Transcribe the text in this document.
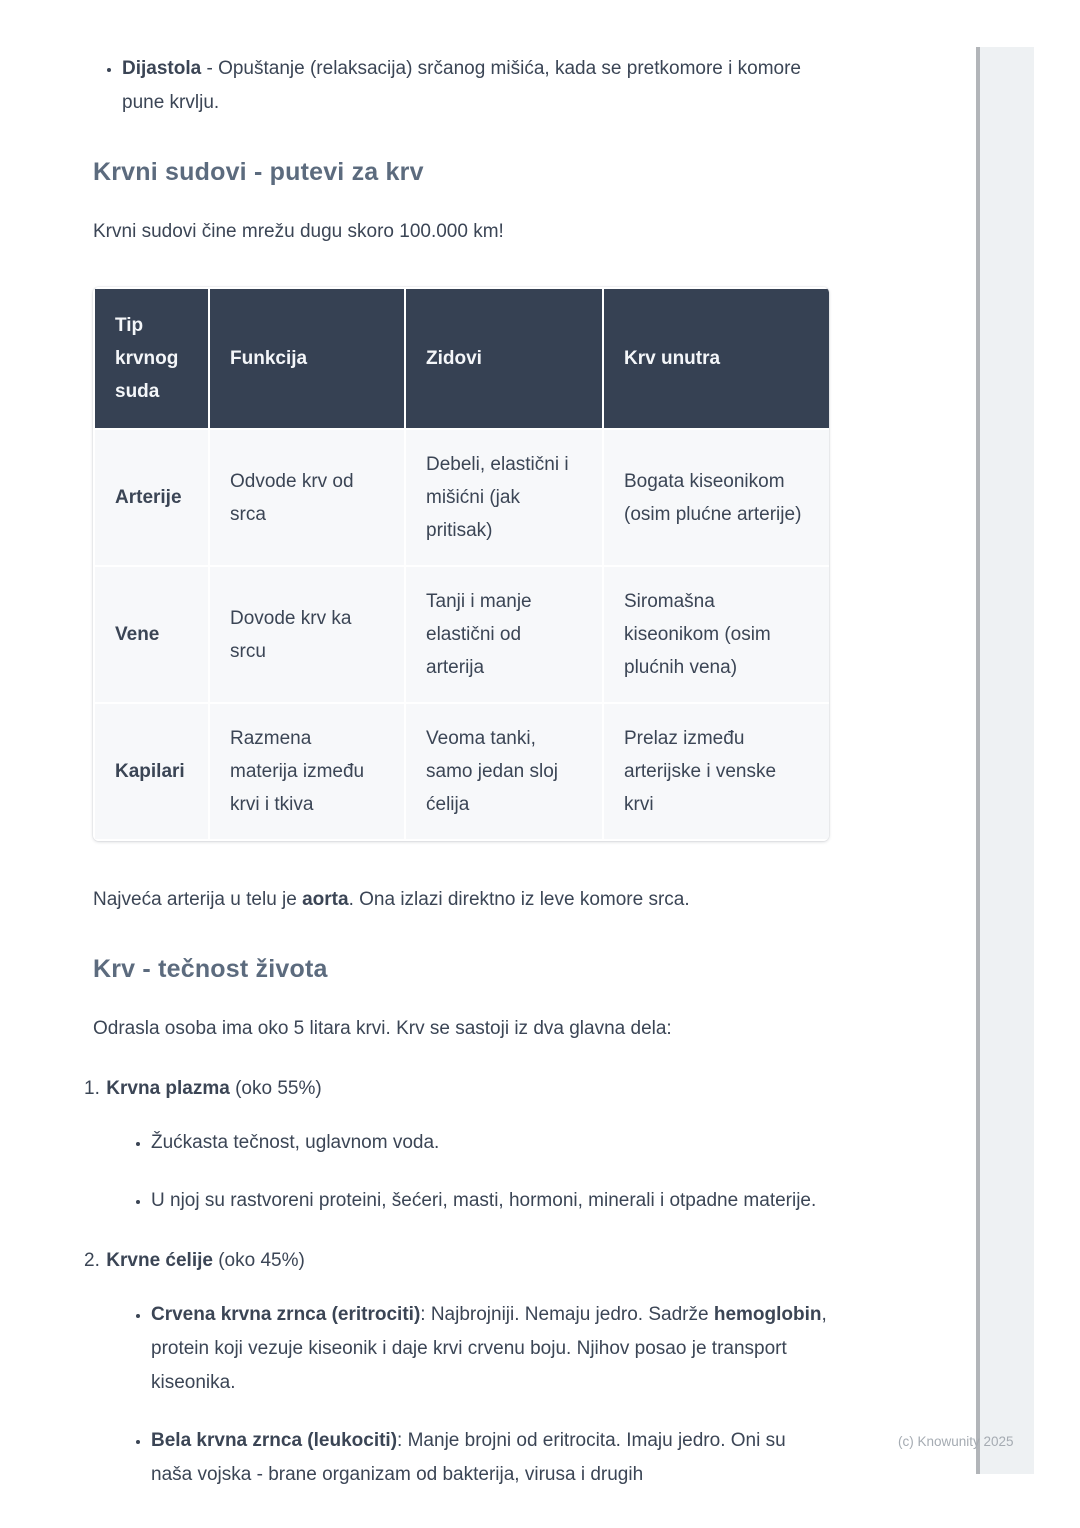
• Dijastola - Opuštanje (relaksacija) srčanog mišića, kada se pretkomore i komore pune krvlju.
Krvni sudovi - putevi za krv

Krvni sudovi čine mrežu dugu skoro 100.000 km!

Tip krvnog suda	Funkcija	Zidovi	Krv unutra
Arterije	Odvode krv od srca	Debeli, elastični i mišićni (jak pritisak)	Bogata kiseonikom (osim plućne arterije)
Vene	Dovode krv ka srcu	Tanji i manje elastični od arterija	Siromašna kiseonikom (osim plućnih vena)
Kapilari	Razmena materija između krvi i tkiva	Veoma tanki, samo jedan sloj ćelija	Prelaz između arterijske i venske krvi

Najveća arterija u telu je aorta. Ona izlazi direktno iz leve komore srca.

Krv - tečnost života

Odrasla osoba ima oko 5 litara krvi. Krv se sastoji iz dva glavna dela:

1. Krvna plazma (oko 55%)
• Žućkasta tečnost, uglavnom voda.
• U njoj su rastvoreni proteini, šećeri, masti, hormoni, minerali i otpadne materije.
2. Krvne ćelije (oko 45%)
• Crvena krvna zrnca (eritrociti): Najbrojniji. Nemaju jedro. Sadrže hemoglobin, protein koji vezuje kiseonik i daje krvi crvenu boju. Njihov posao je transport kiseonika.
• Bela krvna zrnca (leukociti): Manje brojni od eritrocita. Imaju jedro. Oni su naša vojska - brane organizam od bakterija, virusa i drugih
(c) Knowunity 2025
